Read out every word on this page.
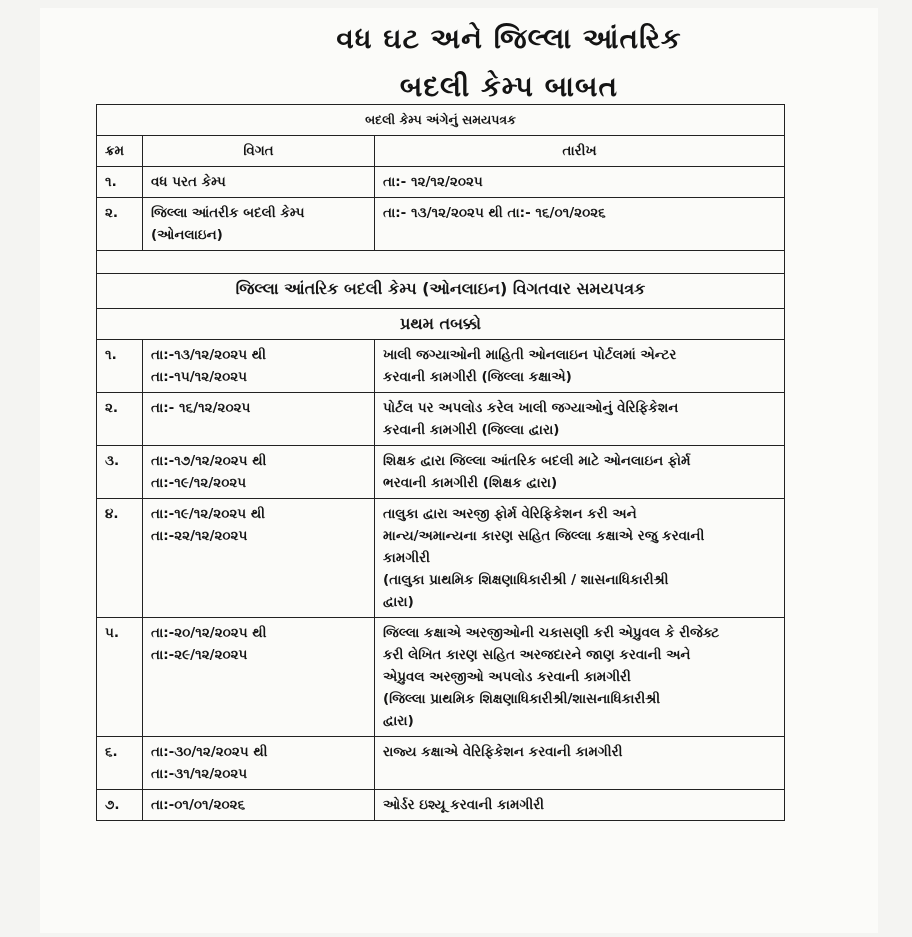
વધ ઘટ અને જિલ્લા આંતરિક
બદલી કેમ્પ બાબત
બદલી કેમ્પ અંગેનું સમયપત્રક		
ક્રમ	વિગત	તારીખ
૧.	વધ પરત કેમ્પ	તા:- ૧૨/૧૨/૨૦૨૫
૨.	જિલ્લા આંતરીક બદલી કેમ્પ
(ઓનલાઇન)	તા:- ૧૩/૧૨/૨૦૨૫ થી તા:- ૧૬/૦૧/૨૦૨૬

જિલ્લા આંતરિક બદલી કેમ્પ (ઓનલાઇન) વિગતવાર સમયપત્રક		
પ્રથમ તબક્કો		
૧.	તા:-૧૩/૧૨/૨૦૨૫ થી
તા:-૧૫/૧૨/૨૦૨૫	ખાલી જગ્યાઓની માહિતી ઓનલાઇન પોર્ટલમાં એન્ટર
કરવાની કામગીરી (જિલ્લા કક્ષાએ)

૨.	તા:- ૧૬/૧૨/૨૦૨૫	પોર્ટલ પર અપલોડ કરેલ ખાલી જગ્યાઓનું વેરિફિકેશન
કરવાની કામગીરી (જિલ્લા દ્વારા)

૩.	તા:-૧૭/૧૨/૨૦૨૫ થી
તા:-૧૯/૧૨/૨૦૨૫	શિક્ષક દ્વારા જિલ્લા આંતરિક બદલી માટે ઓનલાઇન ફોર્મ
ભરવાની કામગીરી (શિક્ષક દ્વારા)

૪.	તા:-૧૯/૧૨/૨૦૨૫ થી
તા:-૨૨/૧૨/૨૦૨૫	તાલુકા દ્વારા અરજી ફોર્મ વેરિફિકેશન કરી અને
માન્ય/અમાન્યના કારણ સહિત જિલ્લા કક્ષાએ રજુ કરવાની
કામગીરી
(તાલુકા પ્રાથમિક શિક્ષણાધિકારીશ્રી / શાસનાધિકારીશ્રી
દ્વારા)

૫.	તા:-૨૦/૧૨/૨૦૨૫ થી
તા:-૨૯/૧૨/૨૦૨૫	જિલ્લા કક્ષાએ અરજીઓની ચકાસણી કરી એપ્રુવલ કે રીજેક્ટ
કરી લેખિત કારણ સહિત અરજદારને જાણ કરવાની અને
એપ્રુવલ અરજીઓ અપલોડ કરવાની કામગીરી
(જિલ્લા પ્રાથમિક શિક્ષણાધિકારીશ્રી/શાસનાધિકારીશ્રી
દ્વારા)

૬.	તા:-૩૦/૧૨/૨૦૨૫ થી
તા:-૩૧/૧૨/૨૦૨૫	રાજ્ય કક્ષાએ વેરિફિકેશન કરવાની કામગીરી

૭.	તા:-૦૧/૦૧/૨૦૨૬	ઓર્ડર ઇશ્યૂ કરવાની કામગીરી
